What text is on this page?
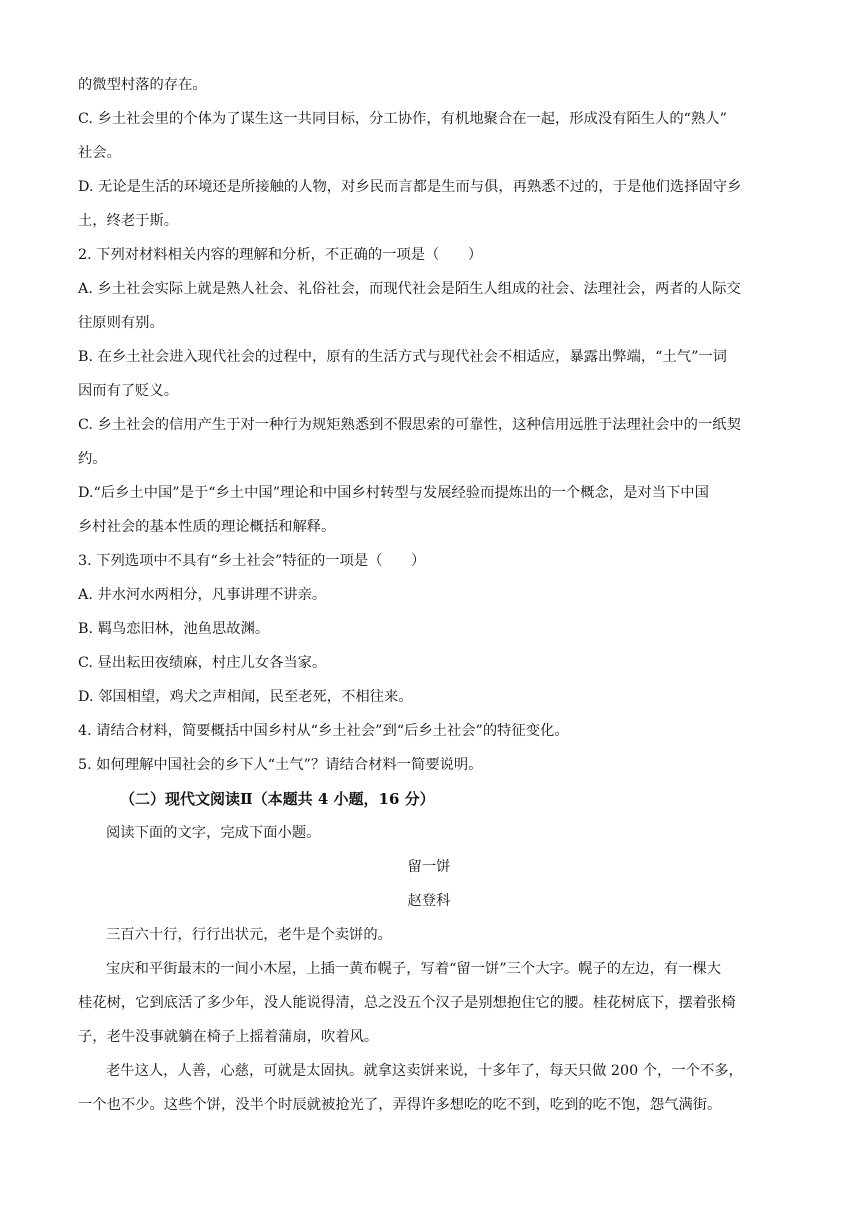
的微型村落的存在。

C. 乡土社会里的个体为了谋生这一共同目标，分工协作，有机地聚合在一起，形成没有陌生人的“熟人”

社会。

D. 无论是生活的环境还是所接触的人物，对乡民而言都是生而与俱，再熟悉不过的，于是他们选择固守乡

土，终老于斯。

2. 下列对材料相关内容的理解和分析，不正确的一项是（　　）

A. 乡土社会实际上就是熟人社会、礼俗社会，而现代社会是陌生人组成的社会、法理社会，两者的人际交

往原则有别。

B. 在乡土社会进入现代社会的过程中，原有的生活方式与现代社会不相适应，暴露出弊端，“土气”一词

因而有了贬义。

C. 乡土社会的信用产生于对一种行为规矩熟悉到不假思索的可靠性，这种信用远胜于法理社会中的一纸契

约。

D.“后乡土中国”是于“乡土中国”理论和中国乡村转型与发展经验而提炼出的一个概念，是对当下中国

乡村社会的基本性质的理论概括和解释。

3. 下列选项中不具有“乡土社会”特征的一项是（　　）

A. 井水河水两相分，凡事讲理不讲亲。

B. 羁鸟恋旧林，池鱼思故渊。

C. 昼出耘田夜绩麻，村庄儿女各当家。

D. 邻国相望，鸡犬之声相闻，民至老死，不相往来。

4. 请结合材料，简要概括中国乡村从“乡土社会”到“后乡土社会”的特征变化。

5. 如何理解中国社会的乡下人“土气”？请结合材料一简要说明。

（二）现代文阅读Ⅱ（本题共 4 小题，16 分）

阅读下面的文字，完成下面小题。

留一饼

赵登科

三百六十行，行行出状元，老牛是个卖饼的。

宝庆和平街最末的一间小木屋，上插一黄布幌子，写着“留一饼”三个大字。幌子的左边，有一棵大

桂花树，它到底活了多少年，没人能说得清，总之没五个汉子是别想抱住它的腰。桂花树底下，摆着张椅

子，老牛没事就躺在椅子上摇着蒲扇，吹着风。

老牛这人，人善，心慈，可就是太固执。就拿这卖饼来说，十多年了，每天只做 200 个，一个不多，

一个也不少。这些个饼，没半个时辰就被抢光了，弄得许多想吃的吃不到，吃到的吃不饱，怨气满街。
